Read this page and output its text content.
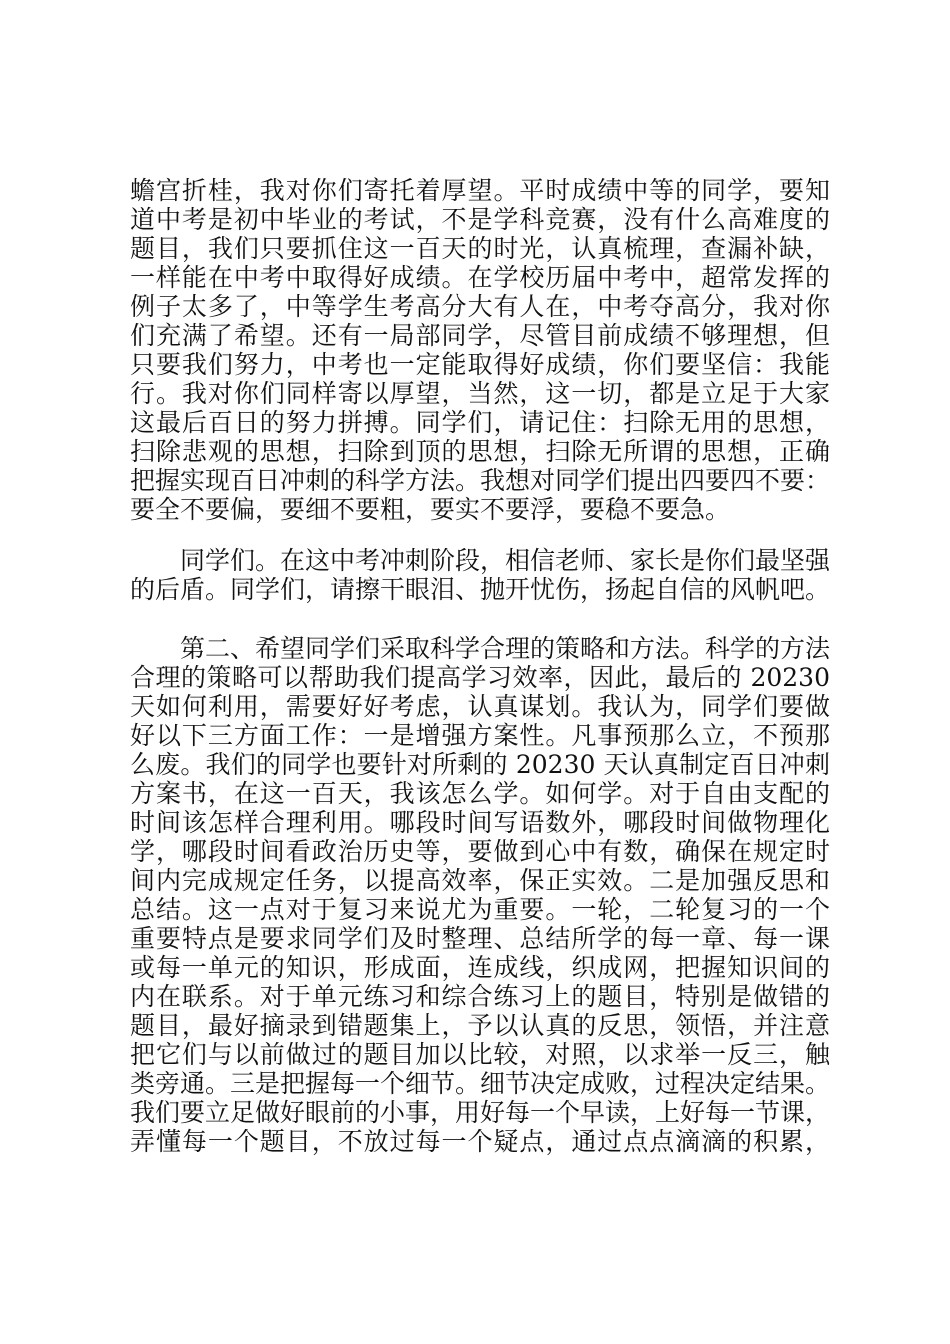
蟾宫折桂，我对你们寄托着厚望。平时成绩中等的同学，要知
道中考是初中毕业的考试，不是学科竞赛，没有什么高难度的
题目，我们只要抓住这一百天的时光，认真梳理，查漏补缺，
一样能在中考中取得好成绩。在学校历届中考中，超常发挥的
例子太多了，中等学生考高分大有人在，中考夺高分，我对你
们充满了希望。还有一局部同学，尽管目前成绩不够理想，但
只要我们努力，中考也一定能取得好成绩，你们要坚信：我能
行。我对你们同样寄以厚望，当然，这一切，都是立足于大家
这最后百日的努力拼搏。同学们，请记住：扫除无用的思想，
扫除悲观的思想，扫除到顶的思想，扫除无所谓的思想，正确
把握实现百日冲刺的科学方法。我想对同学们提出四要四不要：
要全不要偏，要细不要粗，要实不要浮，要稳不要急。
　　同学们。在这中考冲刺阶段，相信老师、家长是你们最坚强
的后盾。同学们，请擦干眼泪、抛开忧伤，扬起自信的风帆吧。
　　第二、希望同学们采取科学合理的策略和方法。科学的方法
合理的策略可以帮助我们提高学习效率，因此，最后的 20230
天如何利用，需要好好考虑，认真谋划。我认为，同学们要做
好以下三方面工作：一是增强方案性。凡事预那么立，不预那
么废。我们的同学也要针对所剩的 20230 天认真制定百日冲刺
方案书，在这一百天，我该怎么学。如何学。对于自由支配的
时间该怎样合理利用。哪段时间写语数外，哪段时间做物理化
学，哪段时间看政治历史等，要做到心中有数，确保在规定时
间内完成规定任务，以提高效率，保正实效。二是加强反思和
总结。这一点对于复习来说尤为重要。一轮，二轮复习的一个
重要特点是要求同学们及时整理、总结所学的每一章、每一课
或每一单元的知识，形成面，连成线，织成网，把握知识间的
内在联系。对于单元练习和综合练习上的题目，特别是做错的
题目，最好摘录到错题集上，予以认真的反思，领悟，并注意
把它们与以前做过的题目加以比较，对照，以求举一反三，触
类旁通。三是把握每一个细节。细节决定成败，过程决定结果。
我们要立足做好眼前的小事，用好每一个早读，上好每一节课，
弄懂每一个题目，不放过每一个疑点，通过点点滴滴的积累，
